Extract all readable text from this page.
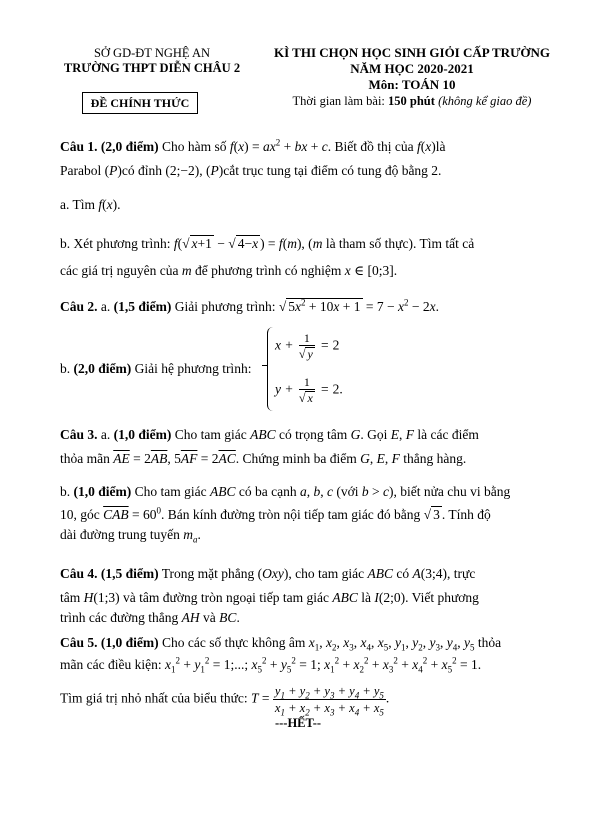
SỞ GD-ĐT NGHỆ AN
TRƯỜNG THPT DIỄN CHÂU 2
ĐỀ CHÍNH THỨC
KÌ THI CHỌN HỌC SINH GIỎI CẤP TRƯỜNG
NĂM HỌC 2020-2021
Môn: TOÁN 10
Thời gian làm bài: 150 phút (không kể giao đề)
Câu 1. (2,0 điểm) Cho hàm số $f(x) = ax^2$ + bx + c. Biết đồ thị của f(x)là
Parabol (P)có đỉnh (2;−2), (P)cắt trục tung tại điểm có tung độ bằng 2.
a. Tìm f(x).
b. Xét phương trình: f(√ x+1 − √ 4−x ) = f(m), (m là tham số thực). Tìm tất cả
các giá trị nguyên của m để phương trình có nghiệm x ∈ [0;3].
Câu 2. a. (1,5 điểm) Giải phương trình: √ $5x^2 + 10x + 1 = 7 - x^2 - 2x$.
b. (2,0 điểm) Giải hệ phương trình:
$x + \frac{1}{√ y} = 2$
$y + \frac{1}{√ x} = 2$.
Câu 3. a. (1,0 điểm) Cho tam giác ABC có trọng tâm G. Gọi E, F là các điểm
thỏa mãn $\overline{AE} = 2\overline{AB}$, $5\overline{AF} = 2\overline{AC}$. Chứng minh ba điểm G, E, F thẳng hàng.
b. (1,0 điểm) Cho tam giác ABC có ba cạnh a, b, c (với b > c), biết nửa chu vi bằng
10, góc $\overline{CAB} = 60^0$. Bán kính đường tròn nội tiếp tam giác đó bằng √ 3 . Tính độ
dài đường trung tuyến $m_a$.
Câu 4. (1,5 điểm) Trong mặt phẳng (Oxy), cho tam giác ABC có A(3;4), trực
tâm H(1;3) và tâm đường tròn ngoại tiếp tam giác ABC là I(2;0). Viết phương
trình các đường thẳng AH và BC.
Câu 5. (1,0 điểm) Cho các số thực không âm $x_1$, $x_2$, $x_3$, $x_4$, $x_5$, $y_1$, $y_2$, $y_3$, $y_4$, $y_5$ thỏa
mãn các điều kiện: $x_1^2 + y_1^2 = 1$;...; $x_5^2 + y_5^2 = 1$; $x_1^2 + x_2^2 + x_3^2 + x_4^2 + x_5^2 = 1$.
Tìm giá trị nhỏ nhất của biểu thức: $T = \frac{y_1 + y_2 + y_3 + y_4 + y_5}{x_1 + x_2 + x_3 + x_4 + x_5}$ .
---HẾT--
